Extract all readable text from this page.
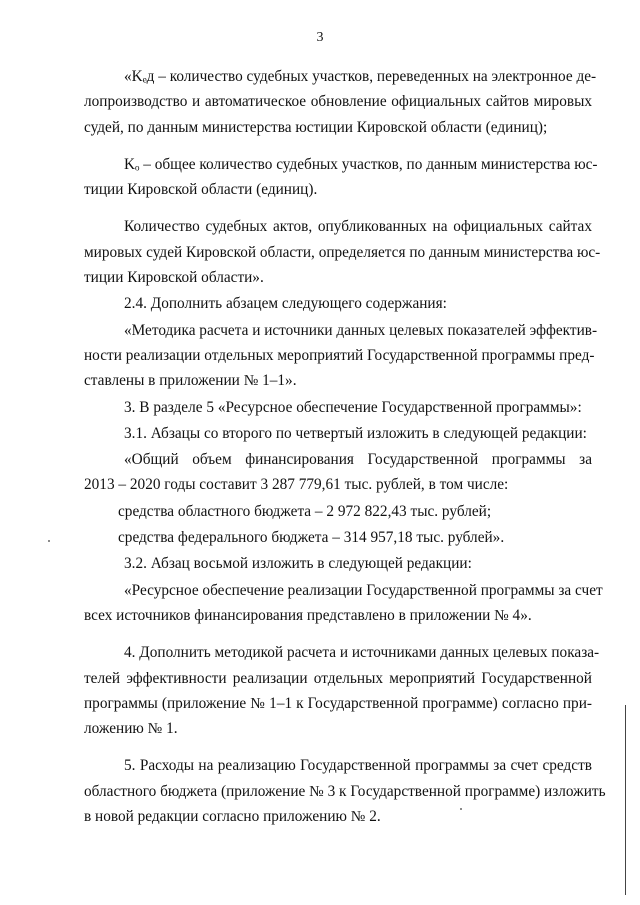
3
«Kₑд – количество судебных участков, переведенных на электронное де-
лопроизводство и автоматическое обновление официальных сайтов мировых
судей, по данным министерства юстиции Кировской области (единиц);
Kₒ – общее количество судебных участков, по данным министерства юс-
тиции Кировской области (единиц).
Количество судебных актов, опубликованных на официальных сайтах
мировых судей Кировской области, определяется по данным министерства юс-
тиции Кировской области».
2.4. Дополнить абзацем следующего содержания:
«Методика расчета и источники данных целевых показателей эффектив-
ности реализации отдельных мероприятий Государственной программы пред-
ставлены в приложении № 1–1».
3. В разделе 5 «Ресурсное обеспечение Государственной программы»:
3.1. Абзацы со второго по четвертый изложить в следующей редакции:
«Общий объем финансирования Государственной программы за
2013 – 2020 годы составит 3 287 779,61 тыс. рублей, в том числе:
средства областного бюджета – 2 972 822,43 тыс. рублей;
средства федерального бюджета – 314 957,18 тыс. рублей».
3.2. Абзац восьмой изложить в следующей редакции:
«Ресурсное обеспечение реализации Государственной программы за счет
всех источников финансирования представлено в приложении № 4».
4. Дополнить методикой расчета и источниками данных целевых показа-
телей эффективности реализации отдельных мероприятий Государственной
программы (приложение № 1–1 к Государственной программе) согласно при-
ложению № 1.
5. Расходы на реализацию Государственной программы за счет средств
областного бюджета (приложение № 3 к Государственной программе) изложить
в новой редакции согласно приложению № 2.
